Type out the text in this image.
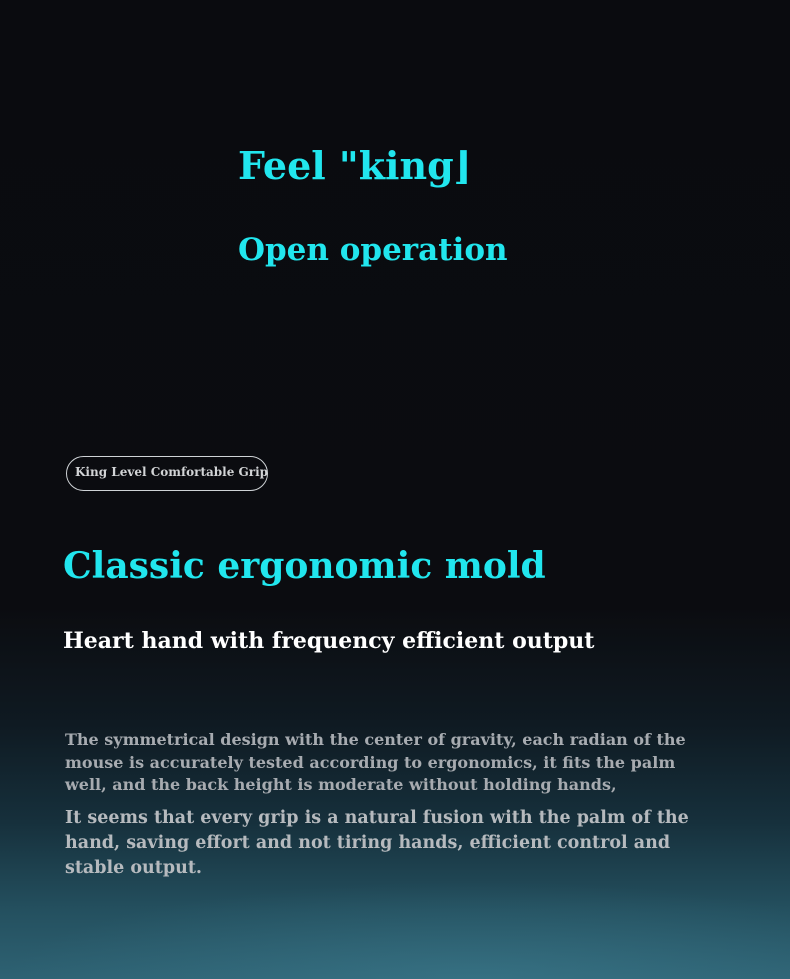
Feel "king⌋
Open operation
King Level Comfortable Grip
Classic ergonomic mold
Heart hand with frequency efficient output

The symmetrical design with the center of gravity, each radian of the mouse is accurately tested according to ergonomics, it fits the palm well, and the back height is moderate without holding hands,

It seems that every grip is a natural fusion with the palm of the hand, saving effort and not tiring hands, efficient control and stable output.
